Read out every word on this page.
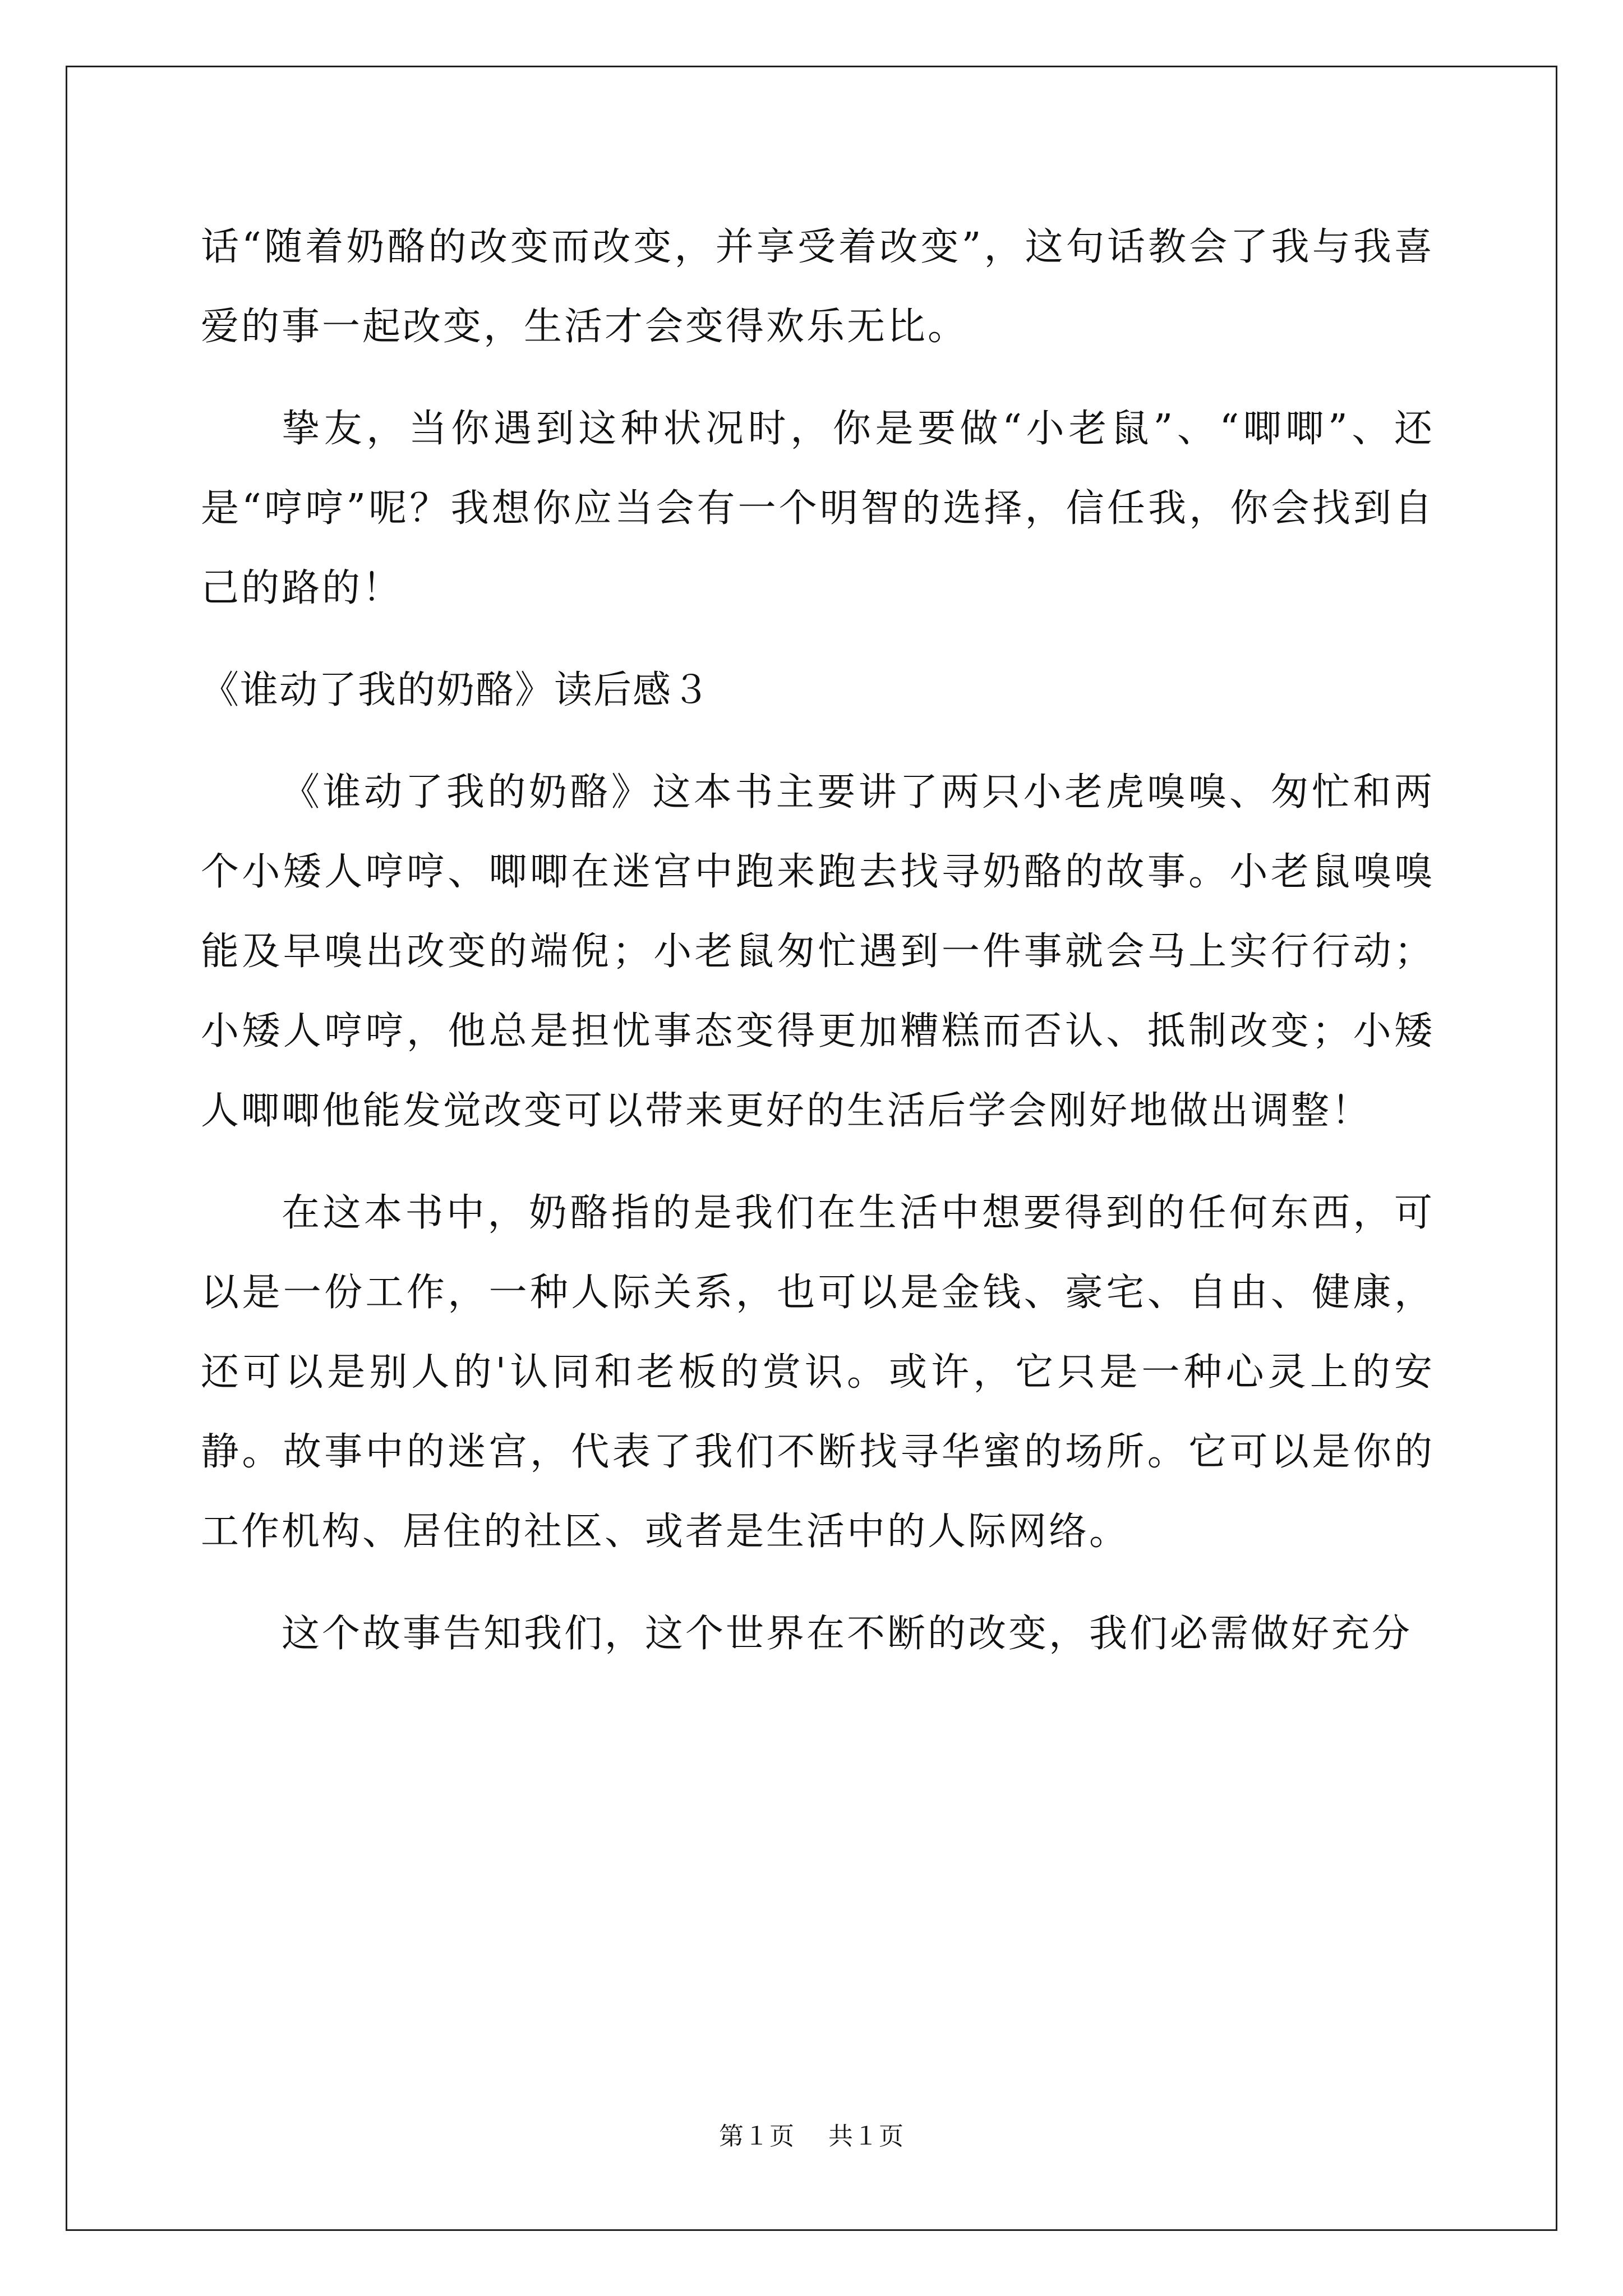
话“随着奶酪的改变而改变，并享受着改变”，这句话教会了我与我喜爱的事一起改变，生活才会变得欢乐无比。

挚友，当你遇到这种状况时，你是要做“小老鼠”、“唧唧”、还是“哼哼”呢？我想你应当会有一个明智的选择，信任我，你会找到自己的路的！

《谁动了我的奶酪》读后感３

《谁动了我的奶酪》这本书主要讲了两只小老虎嗅嗅、匆忙和两个小矮人哼哼、唧唧在迷宫中跑来跑去找寻奶酪的故事。小老鼠嗅嗅能及早嗅出改变的端倪；小老鼠匆忙遇到一件事就会马上实行行动；小矮人哼哼，他总是担忧事态变得更加糟糕而否认、抵制改变；小矮人唧唧他能发觉改变可以带来更好的生活后学会刚好地做出调整！

在这本书中，奶酪指的是我们在生活中想要得到的任何东西，可以是一份工作，一种人际关系，也可以是金钱、豪宅、自由、健康，还可以是别人的'认同和老板的赏识。或许，它只是一种心灵上的安静。故事中的迷宫，代表了我们不断找寻华蜜的场所。它可以是你的工作机构、居住的社区、或者是生活中的人际网络。

这个故事告知我们，这个世界在不断的改变，我们必需做好充分

第１页 共１页
